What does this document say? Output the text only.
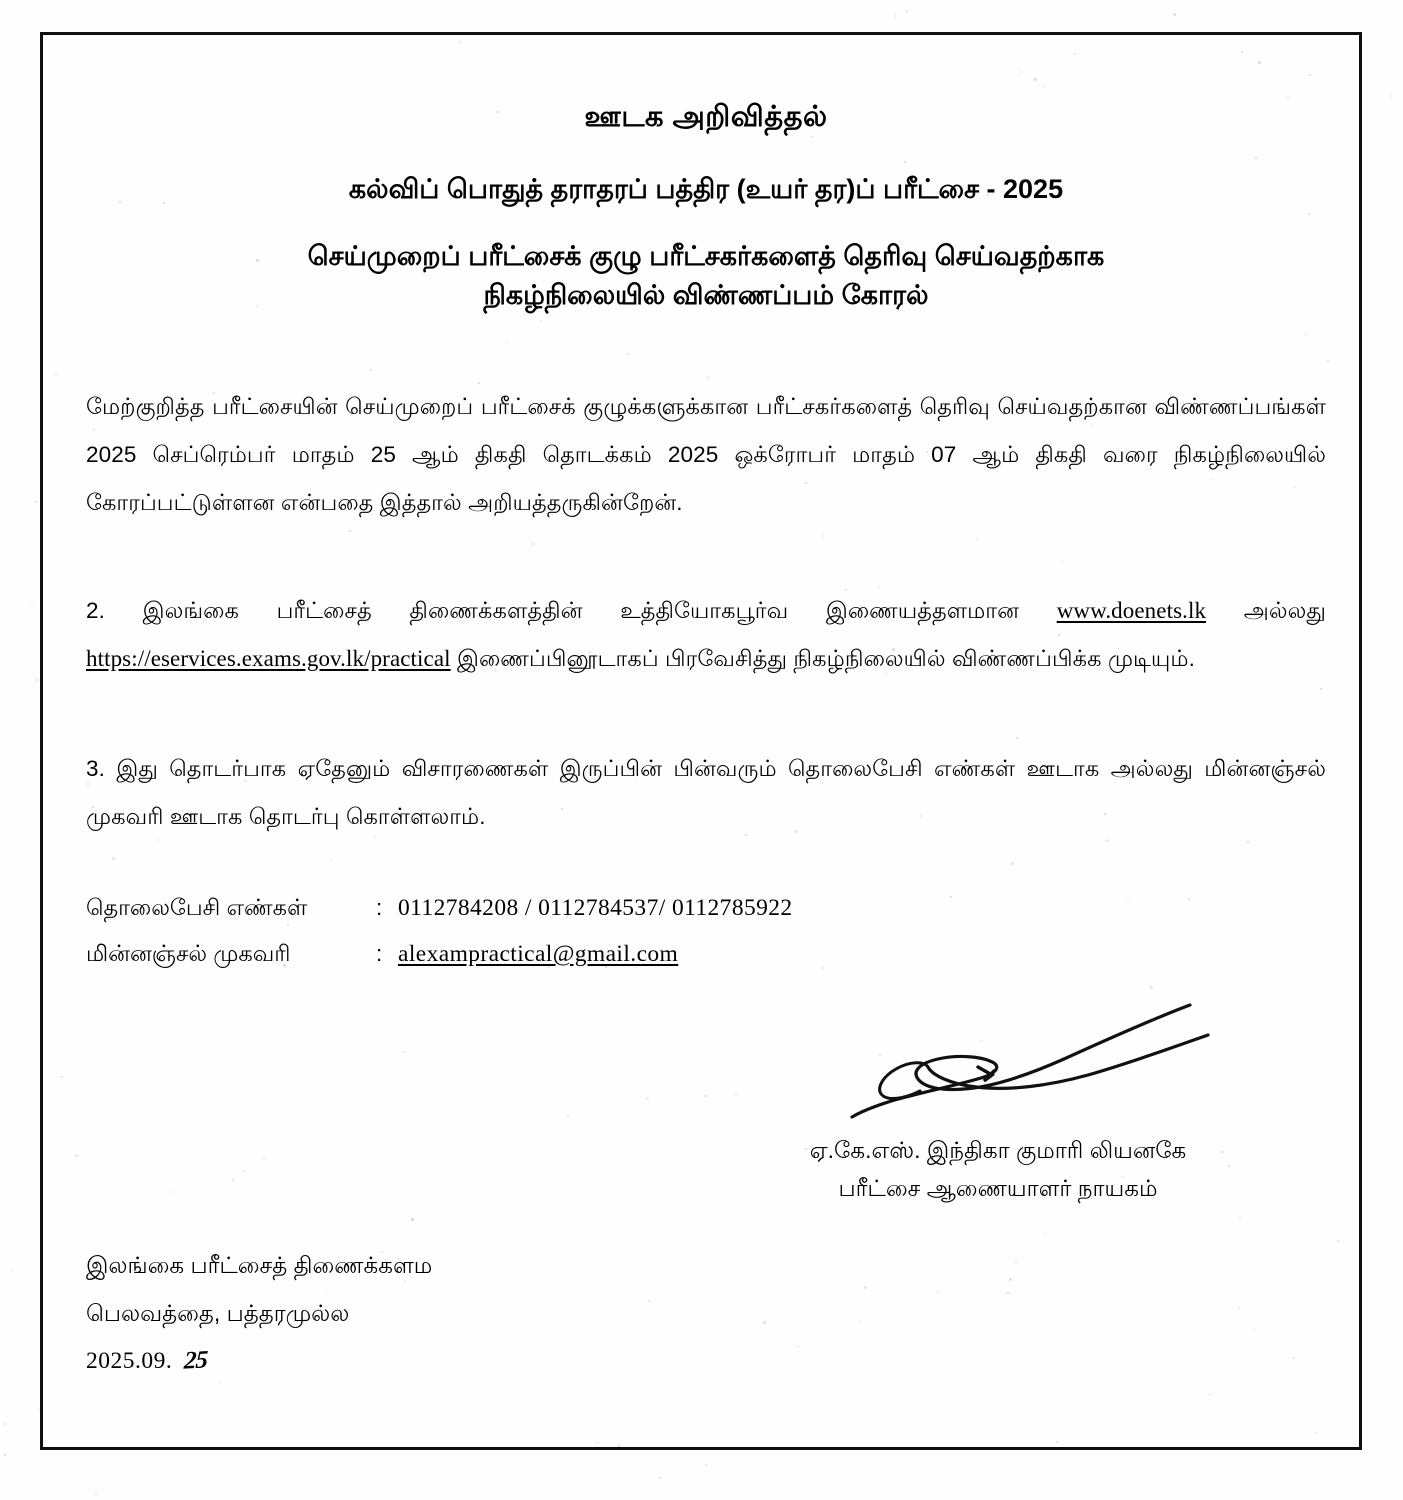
ஊடக அறிவித்தல்
கல்விப் பொதுத் தராதரப் பத்திர (உயர் தர)ப் பரீட்சை - 2025
செய்முறைப் பரீட்சைக் குழு பரீட்சகர்களைத் தெரிவு செய்வதற்காக
நிகழ்நிலையில் விண்ணப்பம் கோரல்

மேற்குறித்த பரீட்சையின் செய்முறைப் பரீட்சைக் குழுக்களுக்கான பரீட்சகர்களைத் தெரிவு செய்வதற்கான விண்ணப்பங்கள் 2025 செப்ரெம்பர் மாதம் 25 ஆம் திகதி தொடக்கம் 2025 ஒக்ரோபர் மாதம் 07 ஆம் திகதி வரை நிகழ்நிலையில் கோரப்பட்டுள்ளன என்பதை இத்தால் அறியத்தருகின்றேன்.

2. இலங்கை பரீட்சைத் திணைக்களத்தின் உத்தியோகபூர்வ இணையத்தளமான www.doenets.lk அல்லது https://eservices.exams.gov.lk/practical இணைப்பினூடாகப் பிரவேசித்து நிகழ்நிலையில் விண்ணப்பிக்க முடியும்.

3. இது தொடர்பாக ஏதேனும் விசாரணைகள் இருப்பின் பின்வரும் தொலைபேசி எண்கள் ஊடாக அல்லது மின்னஞ்சல் முகவரி ஊடாக தொடர்பு கொள்ளலாம்.

தொலைபேசி எண்கள்	: 0112784208 / 0112784537/ 0112785922
மின்னஞ்சல் முகவரி	: alexampractical@gmail.com
ஏ.கே.எஸ். இந்திகா குமாரி லியனகே
பரீட்சை ஆணையாளர் நாயகம்
இலங்கை பரீட்சைத் திணைக்களம
பெலவத்தை, பத்தரமுல்ல
2025.09. 25
